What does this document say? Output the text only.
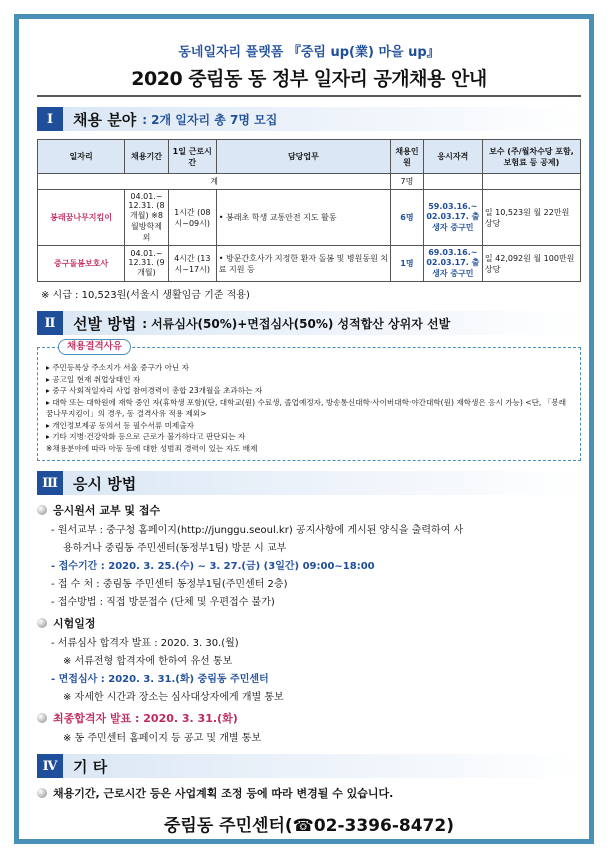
동네일자리 플랫폼 『중림 up(業) 마을 up』
2020 중림동 동 정부 일자리 공개채용 안내
Ⅰ	채용 분야 : 2개 일자리 총 7명 모집
일자리	채용기간	1일 근로시간	담당업무	채용인원	응시자격	보수 (주/월차수당 포함, 보험료 등 공제)
계				7명		
봉래꿈나무지킴이	04.01.~ 12.31. (8개월) ※8월방학제외	1시간 (08시~09시)	• 봉래초 학생 교통안전 지도 활동	6명	59.03.16.~ 02.03.17. 출생자 중구민	일 10,523원 월 22만원 상당
중구돌봄보호사	04.01.~ 12.31. (9개월)	4시간 (13시~17시)	• 방문간호사가 지정한 환자 돌봄 및 병원동원 치료 지원 등	1명	69.03.16.~ 02.03.17. 출생자 중구민	일 42,092원 월 100만원 상당
※ 시급 : 10,523원(서울시 생활임금 기준 적용)
Ⅱ	선발 방법 : 서류심사(50%)+면접심사(50%) 성적합산 상위자 선발
채용결격사유
▸ 주민등록상 주소지가 서울 중구가 아닌 자
▸ 공고일 현재 취업상태인 자
▸ 중구 사회적일자리 사업 참여경력이 총합 23개월을 초과하는 자
▸ 대학 또는 대학원에 재학 중인 자(휴학생 포함)(단, 대학교(원) 수료생, 졸업예정자, 방송통신대학·사이버대학·야간대학(원) 재학생은 응시 가능) <단, 「봉래꿈나무지킴이」의 경우, 동 결격사유 적용 제외>
▸ 개인정보제공 동의서 등 필수서류 미제출자
▸ 기타 지병·건강악화 등으로 근로가 불가하다고 판단되는 자
※채용분야에 따라 아동 등에 대한 성범죄 경력이 있는 자도 배제
Ⅲ	응시 방법
응시원서 교부 및 접수
- 원서교부 : 중구청 홈페이지(http://junggu.seoul.kr) 공지사항에 게시된 양식을 출력하여 사
용하거나 중림동 주민센터(동정부1팀) 방문 시 교부
- 접수기간 : 2020. 3. 25.(수) ~ 3. 27.(금) (3일간) 09:00~18:00
- 접 수 처 : 중림동 주민센터 동정부1팀(주민센터 2층)
- 접수방법 : 직접 방문접수 (단체 및 우편접수 불가)
시험일정
- 서류심사 합격자 발표 : 2020. 3. 30.(월)
※ 서류전형 합격자에 한하여 유선 통보
- 면접심사 : 2020. 3. 31.(화) 중림동 주민센터
※ 자세한 시간과 장소는 심사대상자에게 개별 통보
최종합격자 발표 : 2020. 3. 31.(화)
※ 동 주민센터 홈페이지 등 공고 및 개별 통보
Ⅳ	기 타
채용기간, 근로시간 등은 사업계획 조정 등에 따라 변경될 수 있습니다.
중림동 주민센터(☎02-3396-8472)
